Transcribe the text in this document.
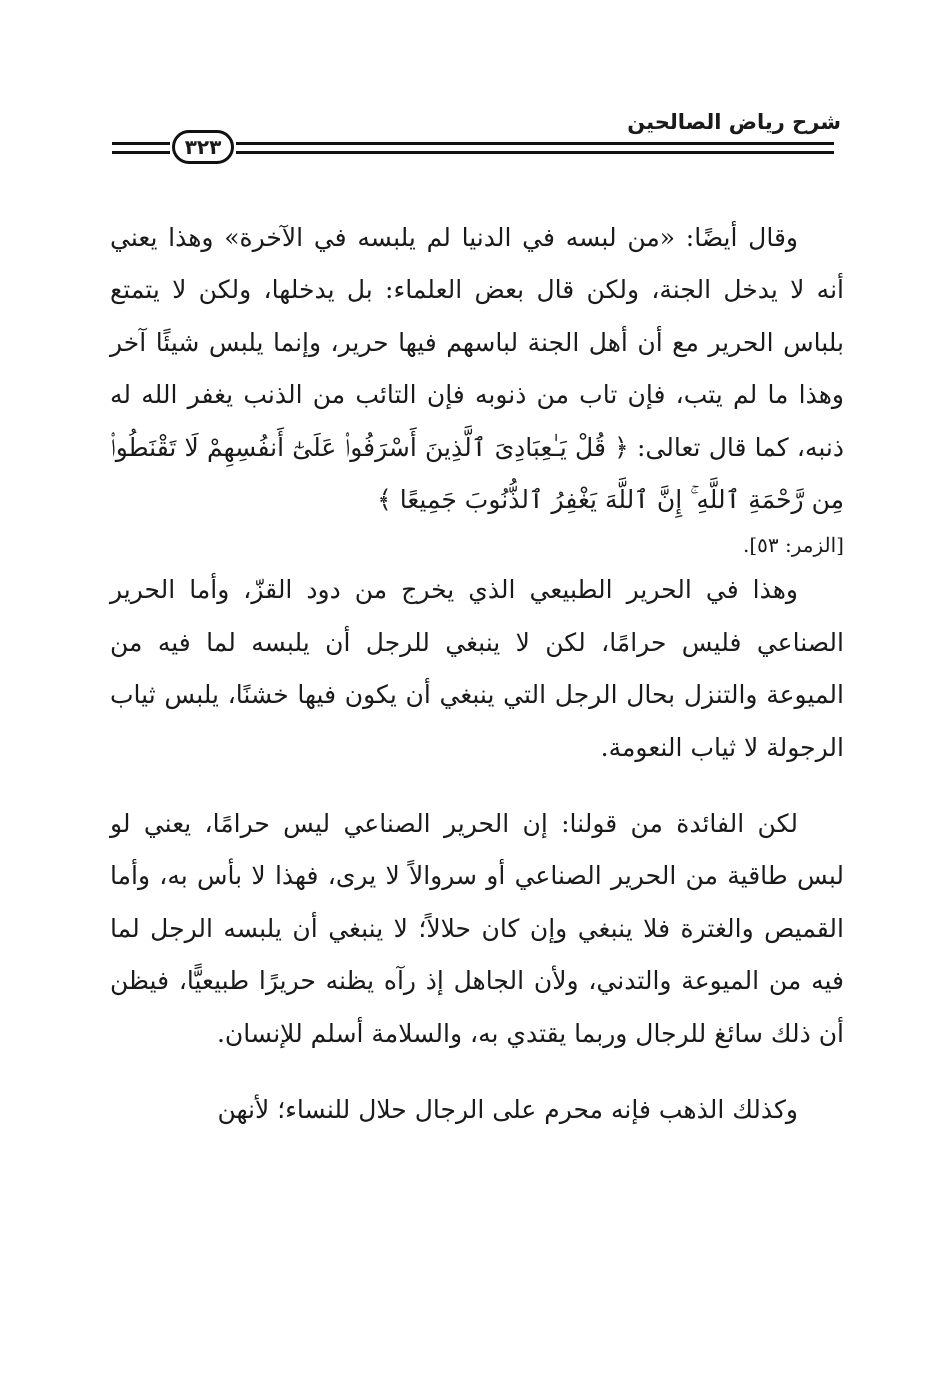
شرح رياض الصالحين
٣٢٣

وقال أيضًا: «من لبسه في الدنيا لم يلبسه في الآخرة» وهذا يعني أنه لا يدخل الجنة، ولكن قال بعض العلماء: بل يدخلها، ولكن لا يتمتع بلباس الحرير مع أن أهل الجنة لباسهم فيها حرير، وإنما يلبس شيئًا آخر وهذا ما لم يتب، فإن تاب من ذنوبه فإن التائب من الذنب يغفر الله له ذنبه، كما قال تعالى: ﴿ قُلْ يَـٰعِبَادِىَ ٱلَّذِينَ أَسْرَفُوا۟ عَلَىٰٓ أَنفُسِهِمْ لَا تَقْنَطُوا۟ مِن رَّحْمَةِ ٱللَّهِ ۚ إِنَّ ٱللَّهَ يَغْفِرُ ٱلذُّنُوبَ جَمِيعًا ﴾

[الزمر: ٥٣].

وهذا في الحرير الطبيعي الذي يخرج من دود القزّ، وأما الحرير الصناعي فليس حرامًا، لكن لا ينبغي للرجل أن يلبسه لما فيه من الميوعة والتنزل بحال الرجل التي ينبغي أن يكون فيها خشنًا، يلبس ثياب الرجولة لا ثياب النعومة.

لكن الفائدة من قولنا: إن الحرير الصناعي ليس حرامًا، يعني لو لبس طاقية من الحرير الصناعي أو سروالاً لا يرى، فهذا لا بأس به، وأما القميص والغترة فلا ينبغي وإن كان حلالاً؛ لا ينبغي أن يلبسه الرجل لما فيه من الميوعة والتدني، ولأن الجاهل إذ رآه يظنه حريرًا طبيعيًّا، فيظن أن ذلك سائغ للرجال وربما يقتدي به، والسلامة أسلم للإنسان.

وكذلك الذهب فإنه محرم على الرجال حلال للنساء؛ لأنهن
